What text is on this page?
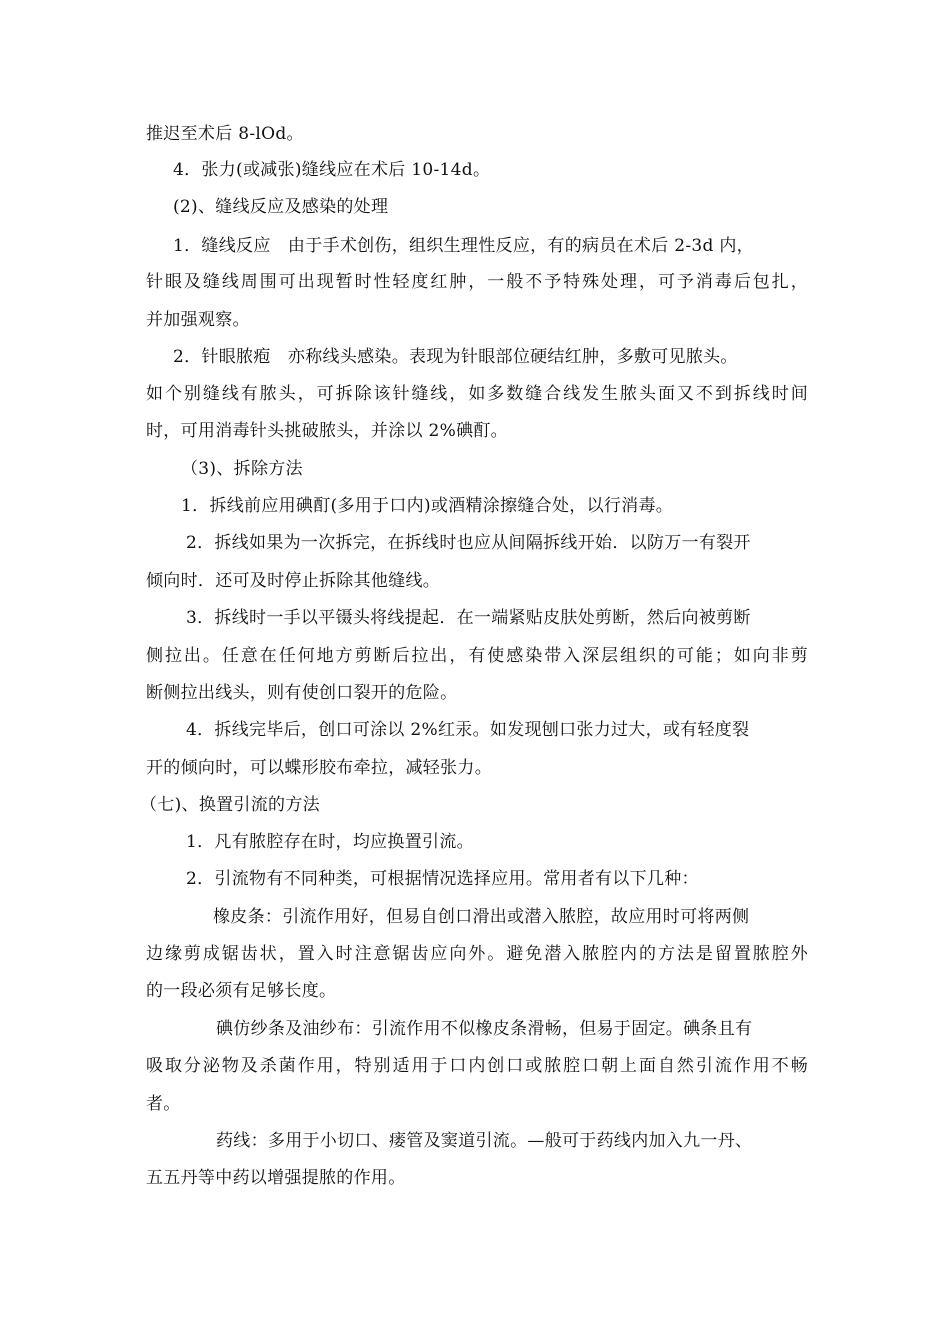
推迟至术后 8-lOd。
4．张力(或减张)缝线应在术后 10-14d。
(2)、缝线反应及感染的处理
1．缝线反应　由于手术创伤，组织生理性反应，有的病员在术后 2-3d 内，
针眼及缝线周围可出现暂时性轻度红肿，一般不予特殊处理，可予消毒后包扎，
并加强观察。
2．针眼脓疱　亦称线头感染。表现为针眼部位硬结红肿，多敷可见脓头。
如个别缝线有脓头，可拆除该针缝线，如多数缝合线发生脓头面又不到拆线时间
时，可用消毒针头挑破脓头，并涂以 2%碘酊。
（3)、拆除方法
1．拆线前应用碘酊(多用于口内)或酒精涂擦缝合处，以行消毒。
2．拆线如果为一次拆完，在拆线时也应从间隔拆线开始．以防万一有裂开
倾向时．还可及时停止拆除其他缝线。
3．拆线时一手以平镊头将线提起．在一端紧贴皮肤处剪断，然后向被剪断
侧拉出。任意在任何地方剪断后拉出，有使感染带入深层组织的可能；如向非剪
断侧拉出线头，则有使创口裂开的危险。
4．拆线完毕后，创口可涂以 2%红汞。如发现刨口张力过大，或有轻度裂
开的倾向时，可以蝶形胶布牵拉，减轻张力。
（七)、换置引流的方法
1．凡有脓腔存在时，均应换置引流。
2．引流物有不同种类，可根据情况选择应用。常用者有以下几种：
橡皮条：引流作用好，但易自创口滑出或潜入脓腔，故应用时可将两侧
边缘剪成锯齿状，置入时注意锯齿应向外。避免潜入脓腔内的方法是留置脓腔外
的一段必须有足够长度。
碘仿纱条及油纱布：引流作用不似橡皮条滑畅，但易于固定。碘条且有
吸取分泌物及杀菌作用，特别适用于口内创口或脓腔口朝上面自然引流作用不畅
者。
药线：多用于小切口、瘘管及窦道引流。—般可于药线内加入九一丹、
五五丹等中药以增强提脓的作用。
